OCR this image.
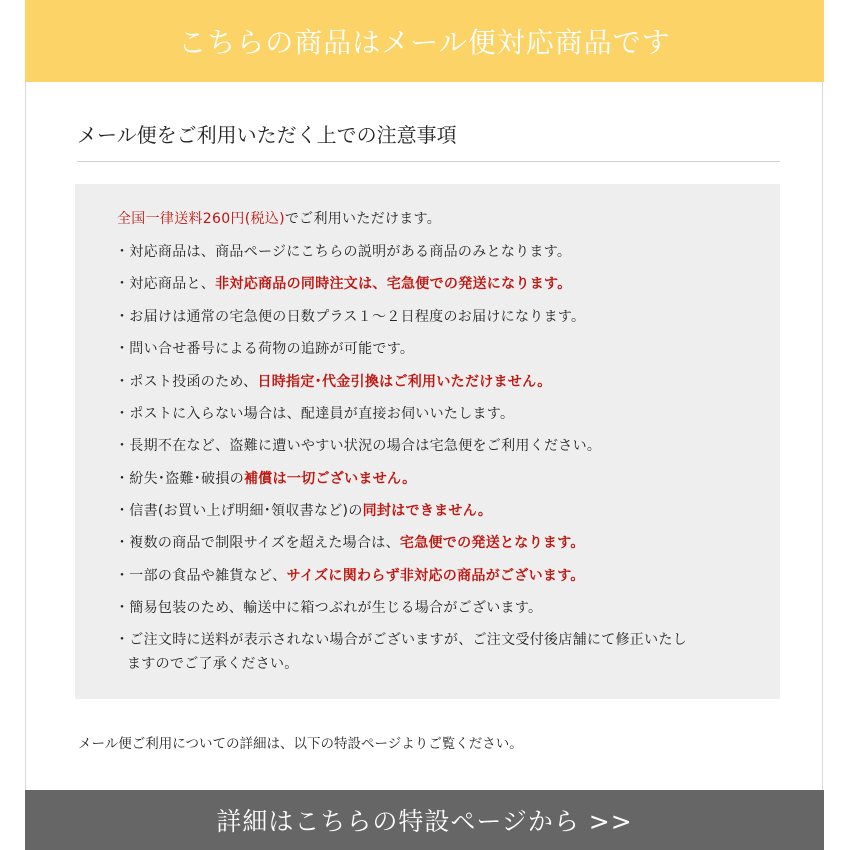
こちらの商品はメール便対応商品です
メール便をご利用いただく上での注意事項
全国一律送料260円(税込)でご利用いただけます。
・対応商品は、商品ページにこちらの説明がある商品のみとなります。
・対応商品と、非対応商品の同時注文は、宅急便での発送になります。
・お届けは通常の宅急便の日数プラス１～２日程度のお届けになります。
・問い合せ番号による荷物の追跡が可能です。
・ポスト投函のため、日時指定･代金引換はご利用いただけません。
・ポストに入らない場合は、配達員が直接お伺いいたします。
・長期不在など、盗難に遭いやすい状況の場合は宅急便をご利用ください。
・紛失･盗難･破損の補償は一切ございません。
・信書(お買い上げ明細･領収書など)の同封はできません。
・複数の商品で制限サイズを超えた場合は、宅急便での発送となります。
・一部の食品や雑貨など、サイズに関わらず非対応の商品がございます。
・簡易包装のため、輸送中に箱つぶれが生じる場合がございます。
・ご注文時に送料が表示されない場合がございますが、ご注文受付後店舗にて修正いたし
ますのでご了承ください。
メール便ご利用についての詳細は、以下の特設ページよりご覧ください。
詳細はこちらの特設ページから >>
